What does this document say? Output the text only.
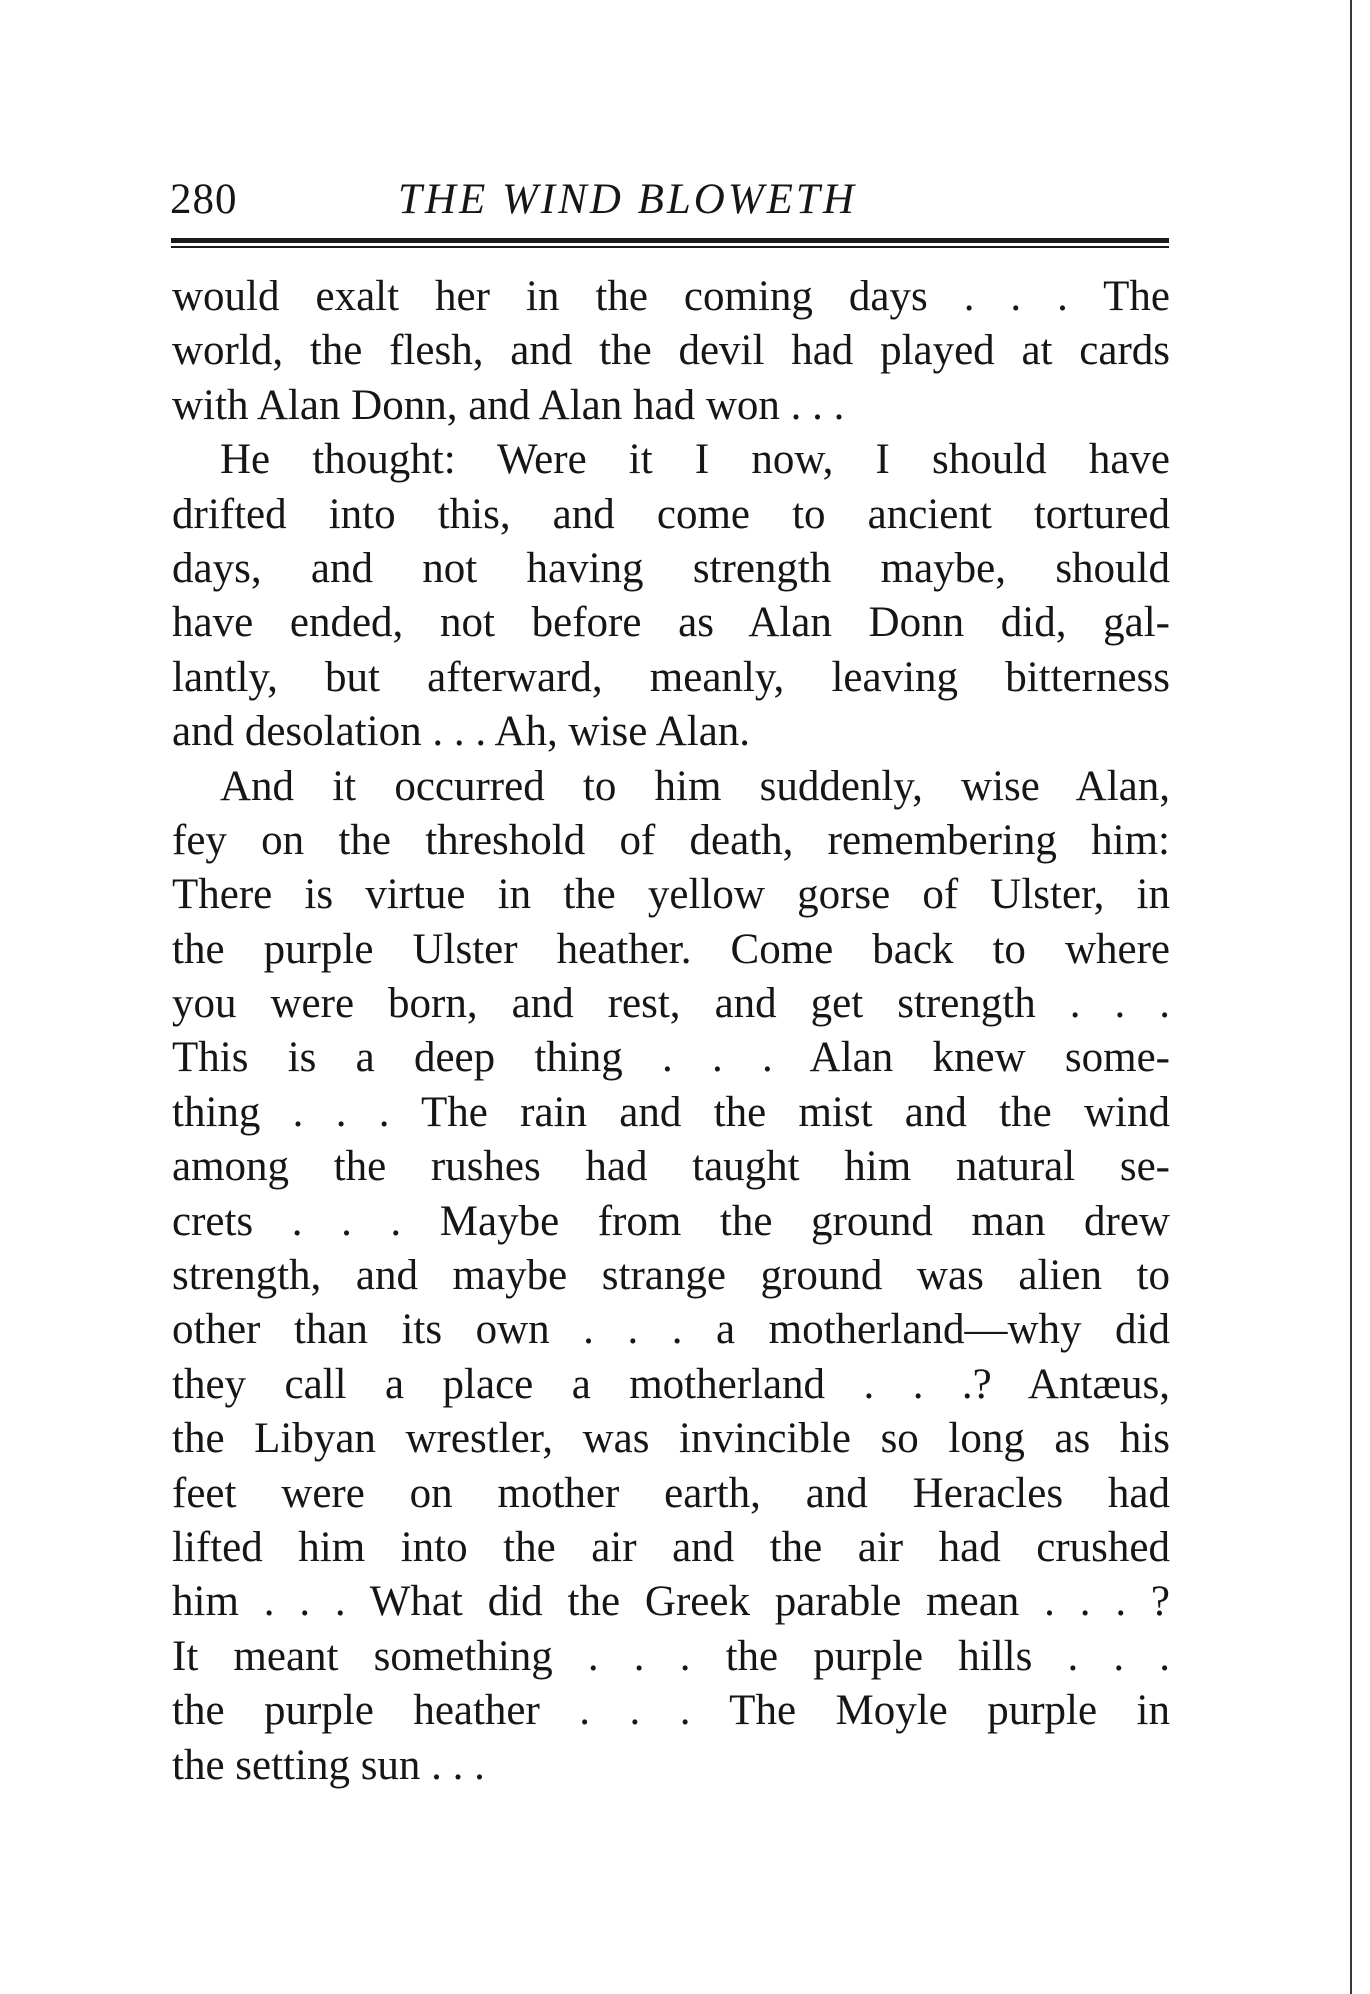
280	THE WIND BLOWETH
would exalt her in the coming days . . . The
world, the flesh, and the devil had played at cards
with Alan Donn, and Alan had won . . .
He thought: Were it I now, I should have
drifted into this, and come to ancient tortured
days, and not having strength maybe, should
have ended, not before as Alan Donn did, gal-
lantly, but afterward, meanly, leaving bitterness
and desolation . . . Ah, wise Alan.
And it occurred to him suddenly, wise Alan,
fey on the threshold of death, remembering him:
There is virtue in the yellow gorse of Ulster, in
the purple Ulster heather. Come back to where
you were born, and rest, and get strength . . .
This is a deep thing . . . Alan knew some-
thing . . . The rain and the mist and the wind
among the rushes had taught him natural se-
crets . . . Maybe from the ground man drew
strength, and maybe strange ground was alien to
other than its own . . . a motherland—why did
they call a place a motherland . . .? Antæus,
the Libyan wrestler, was invincible so long as his
feet were on mother earth, and Heracles had
lifted him into the air and the air had crushed
him . . . What did the Greek parable mean . . . ?
It meant something . . . the purple hills . . .
the purple heather . . . The Moyle purple in
the setting sun . . .
